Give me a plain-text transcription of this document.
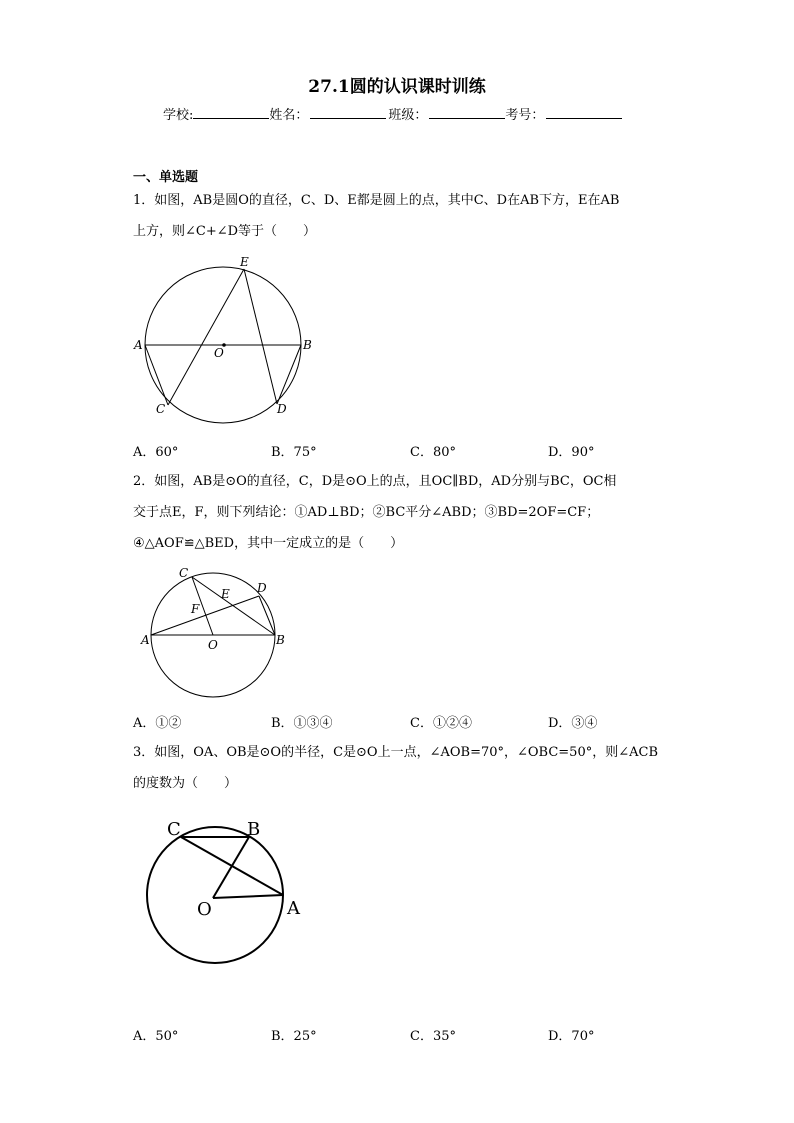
27.1圆的认识课时训练
学校:	姓名：	班级：	考号：
一、单选题
1．如图，AB是圆O的直径，C、D、E都是圆上的点，其中C、D在AB下方，E在AB
上方，则∠C+∠D等于（　　）
A	B
C	D
E
O
A．60°	B．75°	C．80°	D．90°
2．如图，AB是⊙O的直径，C，D是⊙O上的点，且OC∥BD，AD分别与BC，OC相
交于点E，F，则下列结论：①AD⊥BD；②BC平分∠ABD；③BD=2OF=CF；
④△AOF≌△BED，其中一定成立的是（　　）
C
D
E
F
A	B
O
A．①②	B．①③④	C．①②④	D．③④
3．如图，OA、OB是⊙O的半径，C是⊙O上一点，∠AOB=70°，∠OBC=50°，则∠ACB
的度数为（　　）
C	B
O	A
A．50°	B．25°	C．35°	D．70°
